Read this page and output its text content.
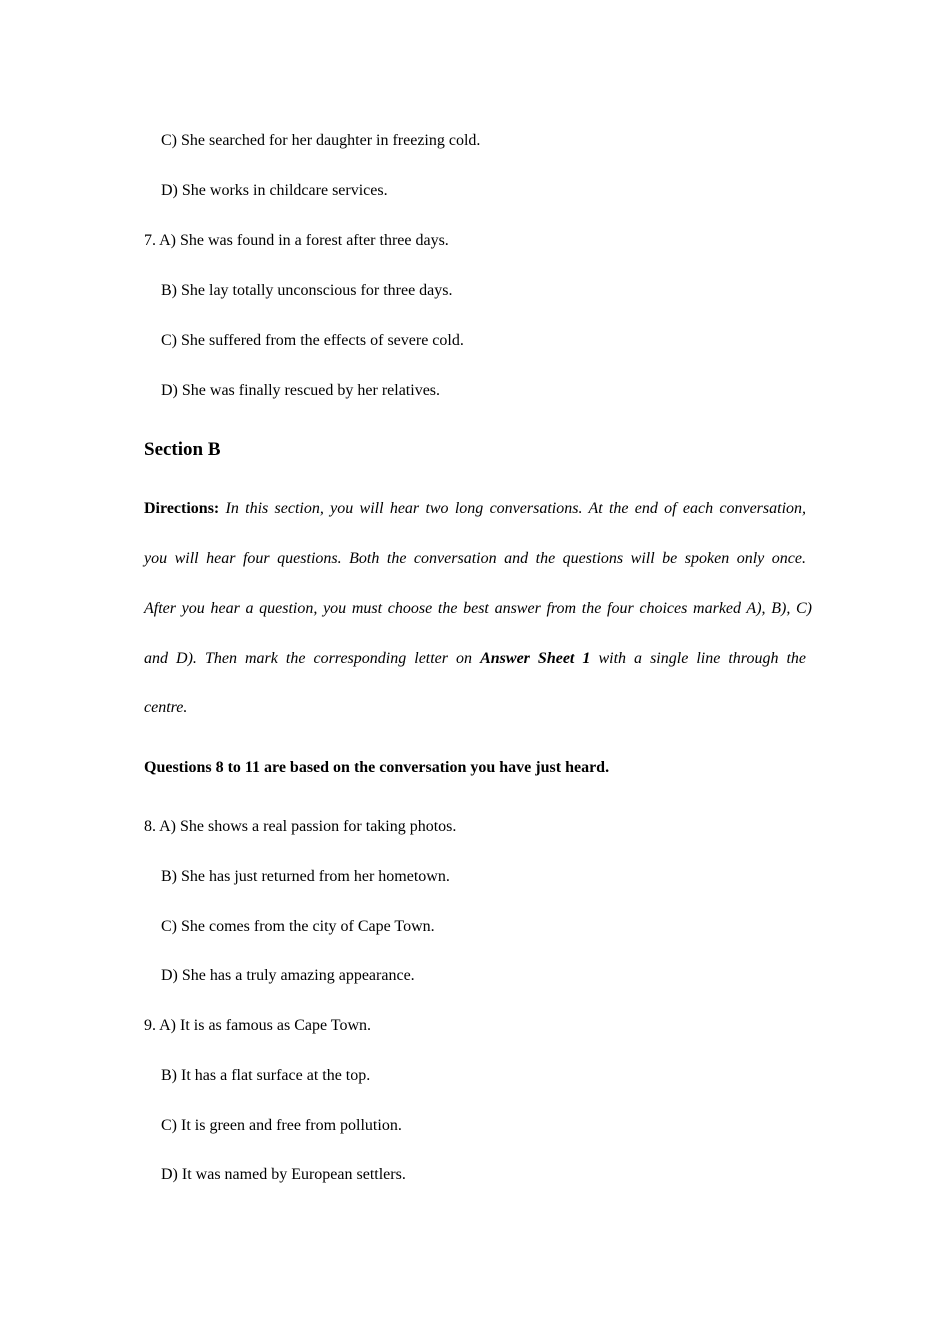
C) She searched for her daughter in freezing cold.
D) She works in childcare services.
7. A) She was found in a forest after three days.
B) She lay totally unconscious for three days.
C) She suffered from the effects of severe cold.
D) She was finally rescued by her relatives.
Section B
Directions: In this section, you will hear two long conversations. At the end of each conversation,
you will hear four questions. Both the conversation and the questions will be spoken only once.
After you hear a question, you must choose the best answer from the four choices marked A), B), C)
and D). Then mark the corresponding letter on Answer Sheet 1 with a single line through the
centre.
Questions 8 to 11 are based on the conversation you have just heard.
8. A) She shows a real passion for taking photos.
B) She has just returned from her hometown.
C) She comes from the city of Cape Town.
D) She has a truly amazing appearance.
9. A) It is as famous as Cape Town.
B) It has a flat surface at the top.
C) It is green and free from pollution.
D) It was named by European settlers.
